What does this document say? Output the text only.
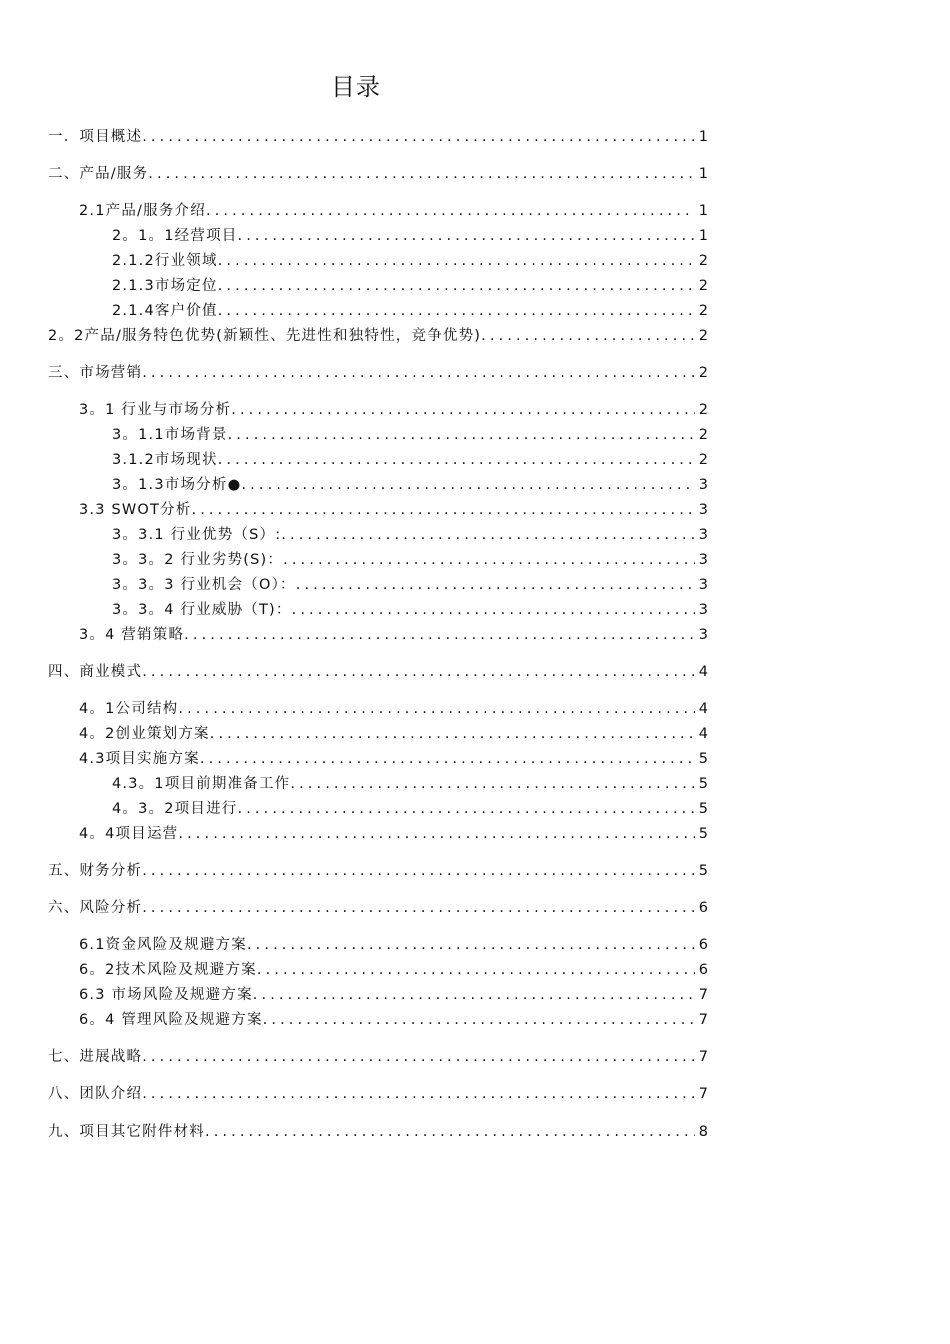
目录
一．项目概述 .....	1
二、产品/服务 .....	1
2.1产品/服务介绍 .....	1
2。1。1经营项目 .....	1
2.1.2行业领域 .....	2
2.1.3市场定位 .....	2
2.1.4客户价值 .....	2
2。2产品/服务特色优势(新颖性、先进性和独特性，竞争优势) .....	2
三、市场营销 .....	2
3。1 行业与市场分析 .....	2
3。1.1市场背景 .....	2
3.1.2市场现状 .....	2
3。1.3市场分析● .....	3
3.3 SWOT分析 .....	3
3。3.1 行业优势（S）: .....	3
3。3。2 行业劣势(S)： .....	3
3。3。3 行业机会（O）： .....	3
3。3。4 行业威胁（T)： .....	3
3。4 营销策略 .....	3
四、商业模式 .....	4
4。1公司结构 .....	4
4。2创业策划方案 .....	4
4.3项目实施方案 .....	5
4.3。1项目前期准备工作 .....	5
4。3。2项目进行 .....	5
4。4项目运营 .....	5
五、财务分析 .....	5
六、风险分析 .....	6
6.1资金风险及规避方案 .....	6
6。2技术风险及规避方案 .....	6
6.3 市场风险及规避方案 .....	7
6。4 管理风险及规避方案 .....	7
七、进展战略 .....	7
八、团队介绍 .....	7
九、项目其它附件材料 .....	8
